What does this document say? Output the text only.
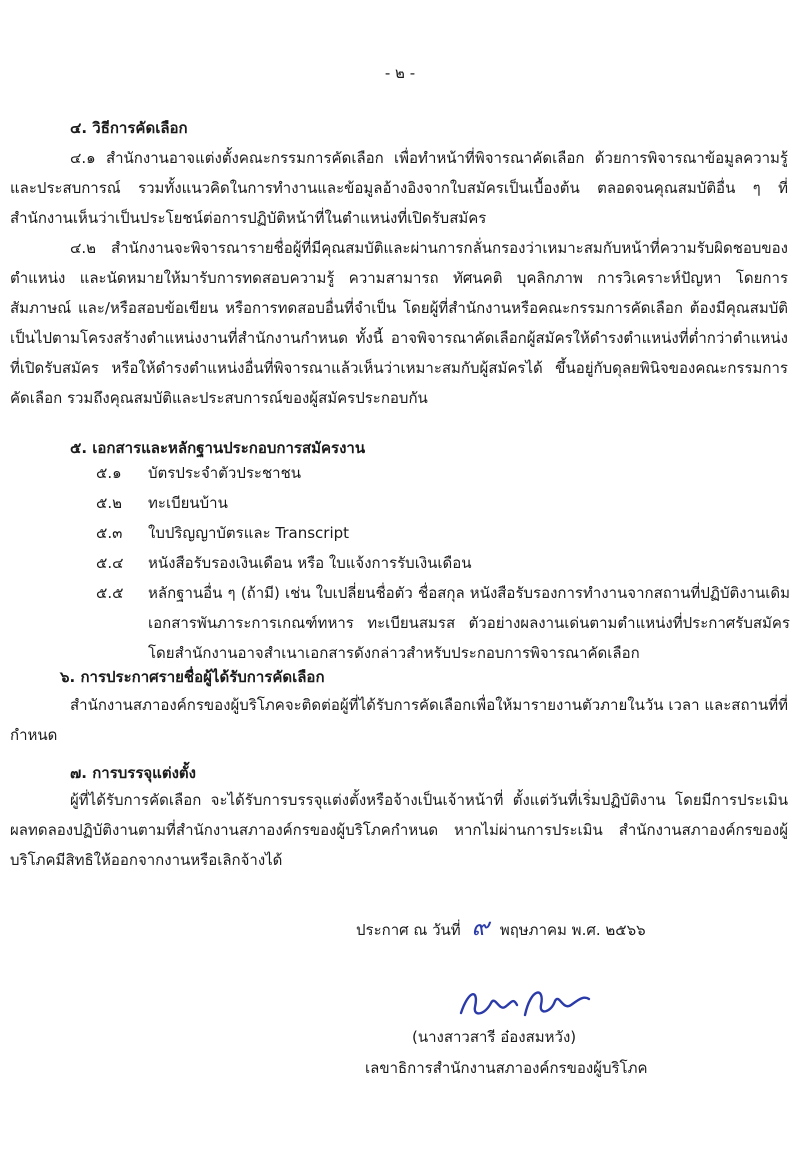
- ๒ -
๔. วิธีการคัดเลือก
๔.๑ สำนักงานอาจแต่งตั้งคณะกรรมการคัดเลือก เพื่อทำหน้าที่พิจารณาคัดเลือก ด้วยการพิจารณาข้อมูลความรู้และประสบการณ์ รวมทั้งแนวคิดในการทำงานและข้อมูลอ้างอิงจากใบสมัครเป็นเบื้องต้น ตลอดจนคุณสมบัติอื่น ๆ ที่สำนักงานเห็นว่าเป็นประโยชน์ต่อการปฏิบัติหน้าที่ในตำแหน่งที่เปิดรับสมัคร
๔.๒ สำนักงานจะพิจารณารายชื่อผู้ที่มีคุณสมบัติและผ่านการกลั่นกรองว่าเหมาะสมกับหน้าที่ความรับผิดชอบของตำแหน่ง และนัดหมายให้มารับการทดสอบความรู้ ความสามารถ ทัศนคติ บุคลิกภาพ การวิเคราะห์ปัญหา โดยการสัมภาษณ์ และ/หรือสอบข้อเขียน หรือการทดสอบอื่นที่จำเป็น โดยผู้ที่สำนักงานหรือคณะกรรมการคัดเลือก ต้องมีคุณสมบัติเป็นไปตามโครงสร้างตำแหน่งงานที่สำนักงานกำหนด ทั้งนี้ อาจพิจารณาคัดเลือกผู้สมัครให้ดำรงตำแหน่งที่ต่ำกว่าตำแหน่งที่เปิดรับสมัคร หรือให้ดำรงตำแหน่งอื่นที่พิจารณาแล้วเห็นว่าเหมาะสมกับผู้สมัครได้ ขึ้นอยู่กับดุลยพินิจของคณะกรรมการคัดเลือก รวมถึงคุณสมบัติและประสบการณ์ของผู้สมัครประกอบกัน
๕. เอกสารและหลักฐานประกอบการสมัครงาน
๕.๑ บัตรประจำตัวประชาชน
๕.๒ ทะเบียนบ้าน
๕.๓ ใบปริญญาบัตรและ Transcript
๕.๔ หนังสือรับรองเงินเดือน หรือ ใบแจ้งการรับเงินเดือน
๕.๕ หลักฐานอื่น ๆ (ถ้ามี) เช่น ใบเปลี่ยนชื่อตัว ชื่อสกุล หนังสือรับรองการทำงานจากสถานที่ปฏิบัติงานเดิม เอกสารพันภาระการเกณฑ์ทหาร ทะเบียนสมรส ตัวอย่างผลงานเด่นตามตำแหน่งที่ประกาศรับสมัคร โดยสำนักงานอาจสำเนาเอกสารดังกล่าวสำหรับประกอบการพิจารณาคัดเลือก
๖. การประกาศรายชื่อผู้ได้รับการคัดเลือก
สำนักงานสภาองค์กรของผู้บริโภคจะติดต่อผู้ที่ได้รับการคัดเลือกเพื่อให้มารายงานตัวภายในวัน เวลา และสถานที่ที่กำหนด
๗. การบรรจุแต่งตั้ง
ผู้ที่ได้รับการคัดเลือก จะได้รับการบรรจุแต่งตั้งหรือจ้างเป็นเจ้าหน้าที่ ตั้งแต่วันที่เริ่มปฏิบัติงาน โดยมีการประเมินผลทดลองปฏิบัติงานตามที่สำนักงานสภาองค์กรของผู้บริโภคกำหนด หากไม่ผ่านการประเมิน สำนักงานสภาองค์กรของผู้บริโภคมีสิทธิให้ออกจากงานหรือเลิกจ้างได้
ประกาศ ณ วันที่ ๙ พฤษภาคม พ.ศ. ๒๕๖๖
(นางสาวสารี อ๋องสมหวัง)
เลขาธิการสำนักงานสภาองค์กรของผู้บริโภค
